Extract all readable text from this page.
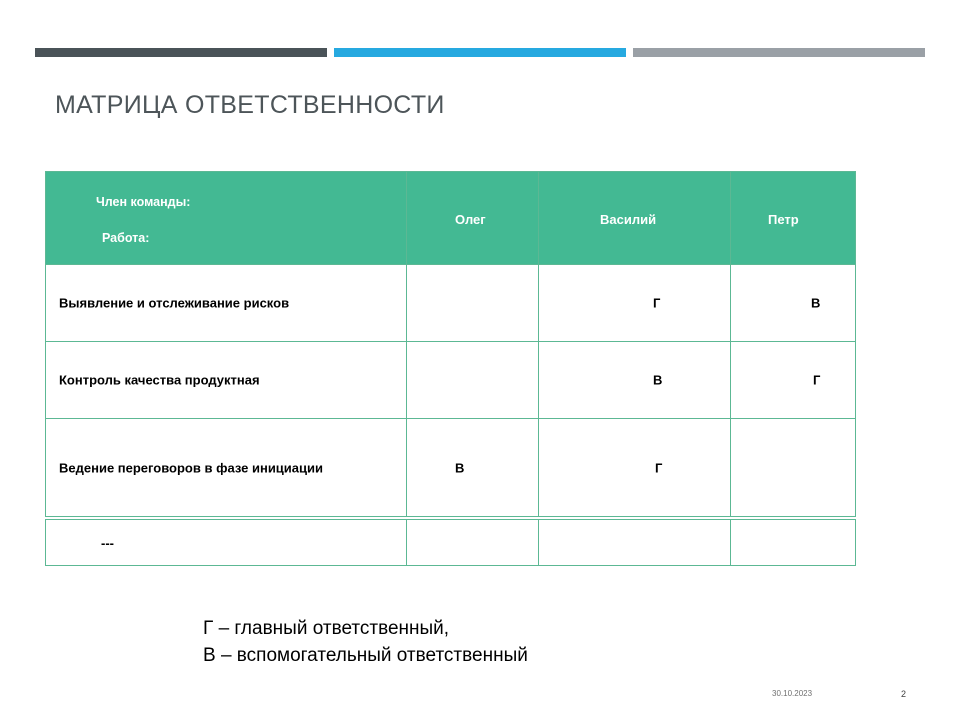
МАТРИЦА ОТВЕТСТВЕННОСТИ
Член команды:
Работа:	Олег	Василий	Петр

Выявление и отслеживание рисков		Г	В

Контроль качества продуктная		В	Г

Ведение переговоров в фазе инициации	В	Г	

---			

Г – главный ответственный,
В – вспомогательный ответственный
30.10.2023	2
